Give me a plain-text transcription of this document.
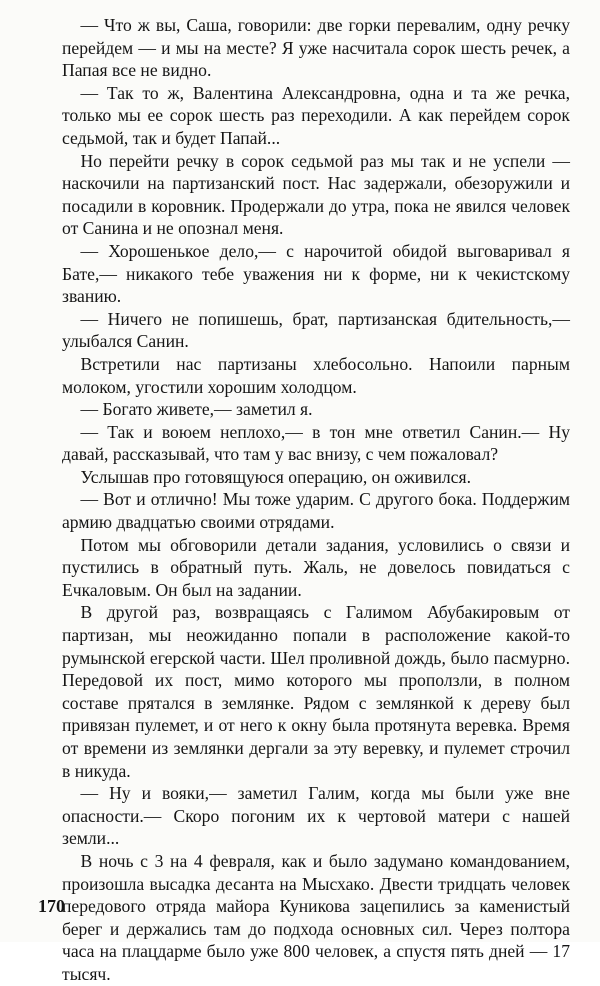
— Что ж вы, Саша, говорили: две горки перевалим, одну речку перейдем — и мы на месте? Я уже насчитала сорок шесть речек, а Папая все не видно.

— Так то ж, Валентина Александровна, одна и та же речка, только мы ее сорок шесть раз переходили. А как перейдем сорок седьмой, так и будет Папай...

Но перейти речку в сорок седьмой раз мы так и не успели — наскочили на партизанский пост. Нас задержали, обезоружили и посадили в коровник. Продержали до утра, пока не явился человек от Санина и не опознал меня.

— Хорошенькое дело,— с нарочитой обидой выговаривал я Бате,— никакого тебе уважения ни к форме, ни к чекистскому званию.

— Ничего не попишешь, брат, партизанская бдительность,— улыбался Санин.

Встретили нас партизаны хлебосольно. Напоили парным молоком, угостили хорошим холодцом.

— Богато живете,— заметил я.

— Так и воюем неплохо,— в тон мне ответил Санин.— Ну давай, рассказывай, что там у вас внизу, с чем пожаловал?

Услышав про готовящуюся операцию, он оживился.

— Вот и отлично! Мы тоже ударим. С другого бока. Поддержим армию двадцатью своими отрядами.

Потом мы обговорили детали задания, условились о связи и пустились в обратный путь. Жаль, не довелось повидаться с Ечкаловым. Он был на задании.

В другой раз, возвращаясь с Галимом Абубакировым от партизан, мы неожиданно попали в расположение какой-то румынской егерской части. Шел проливной дождь, было пасмурно. Передовой их пост, мимо которого мы проползли, в полном составе прятался в землянке. Рядом с землянкой к дереву был привязан пулемет, и от него к окну была протянута веревка. Время от времени из землянки дергали за эту веревку, и пулемет строчил в никуда.

— Ну и вояки,— заметил Галим, когда мы были уже вне опасности.— Скоро погоним их к чертовой матери с нашей земли...

В ночь с 3 на 4 февраля, как и было задумано командованием, произошла высадка десанта на Мысхако. Двести тридцать человек передового отряда майора Куникова зацепились за каменистый берег и держались там до подхода основных сил. Через полтора часа на плацдарме было уже 800 человек, а спустя пять дней — 17 тысяч.

170
